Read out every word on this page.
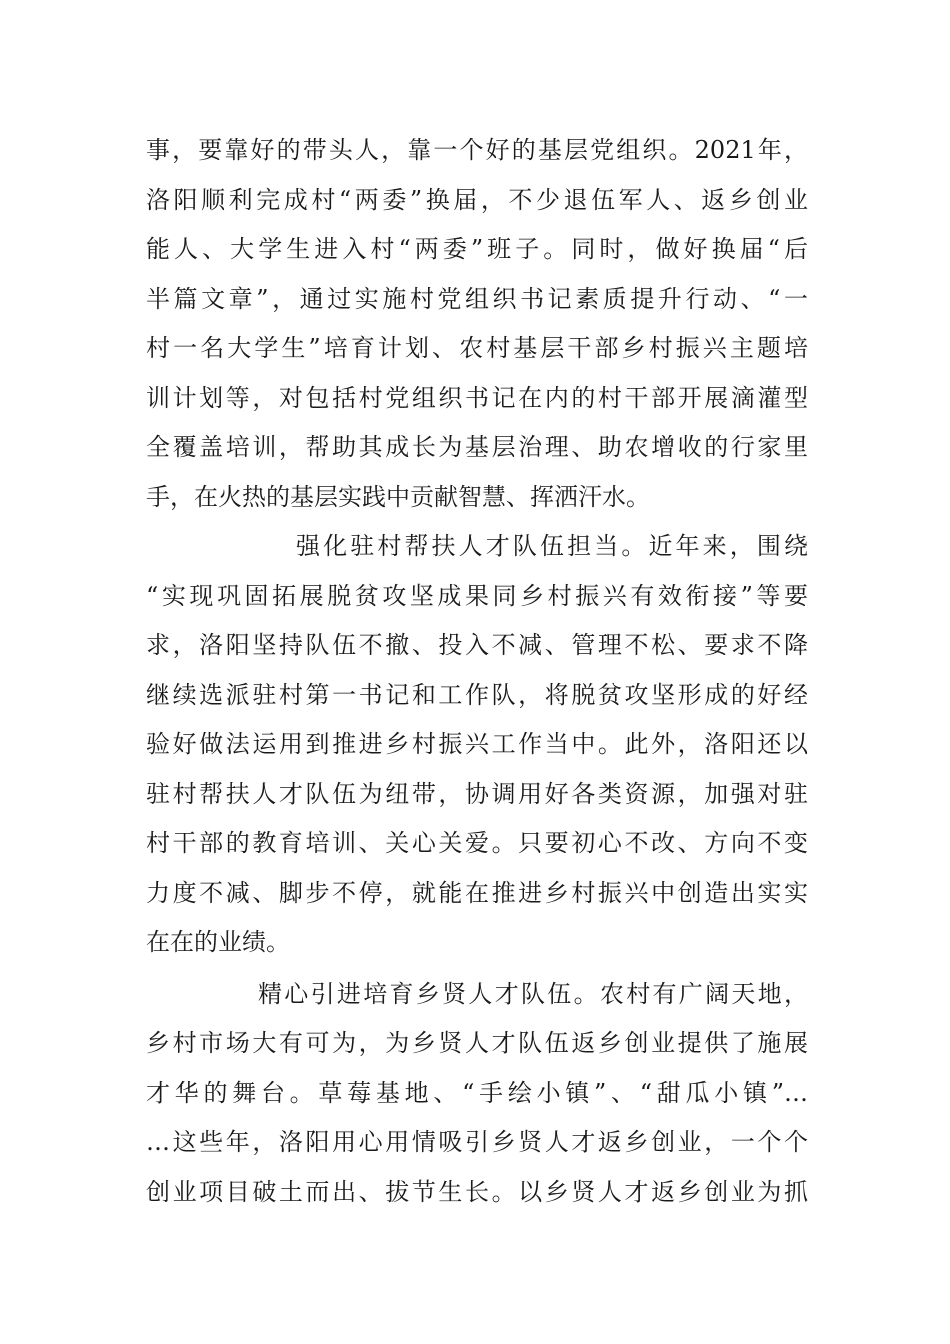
事，要靠好的带头人，靠一个好的基层党组织。2021年，
洛阳顺利完成村“两委”换届，不少退伍军人、返乡创业
能人、大学生进入村“两委”班子。同时，做好换届“后
半篇文章”，通过实施村党组织书记素质提升行动、“一
村一名大学生”培育计划、农村基层干部乡村振兴主题培
训计划等，对包括村党组织书记在内的村干部开展滴灌型
全覆盖培训，帮助其成长为基层治理、助农增收的行家里
手，在火热的基层实践中贡献智慧、挥洒汗水。
强化驻村帮扶人才队伍担当。近年来，围绕
“实现巩固拓展脱贫攻坚成果同乡村振兴有效衔接”等要
求，洛阳坚持队伍不撤、投入不减、管理不松、要求不降
继续选派驻村第一书记和工作队，将脱贫攻坚形成的好经
验好做法运用到推进乡村振兴工作当中。此外，洛阳还以
驻村帮扶人才队伍为纽带，协调用好各类资源，加强对驻
村干部的教育培训、关心关爱。只要初心不改、方向不变
力度不减、脚步不停，就能在推进乡村振兴中创造出实实
在在的业绩。
精心引进培育乡贤人才队伍。农村有广阔天地，
乡村市场大有可为，为乡贤人才队伍返乡创业提供了施展
才华的舞台。草莓基地、“手绘小镇”、“甜瓜小镇”…
…这些年，洛阳用心用情吸引乡贤人才返乡创业，一个个
创业项目破土而出、拔节生长。以乡贤人才返乡创业为抓
